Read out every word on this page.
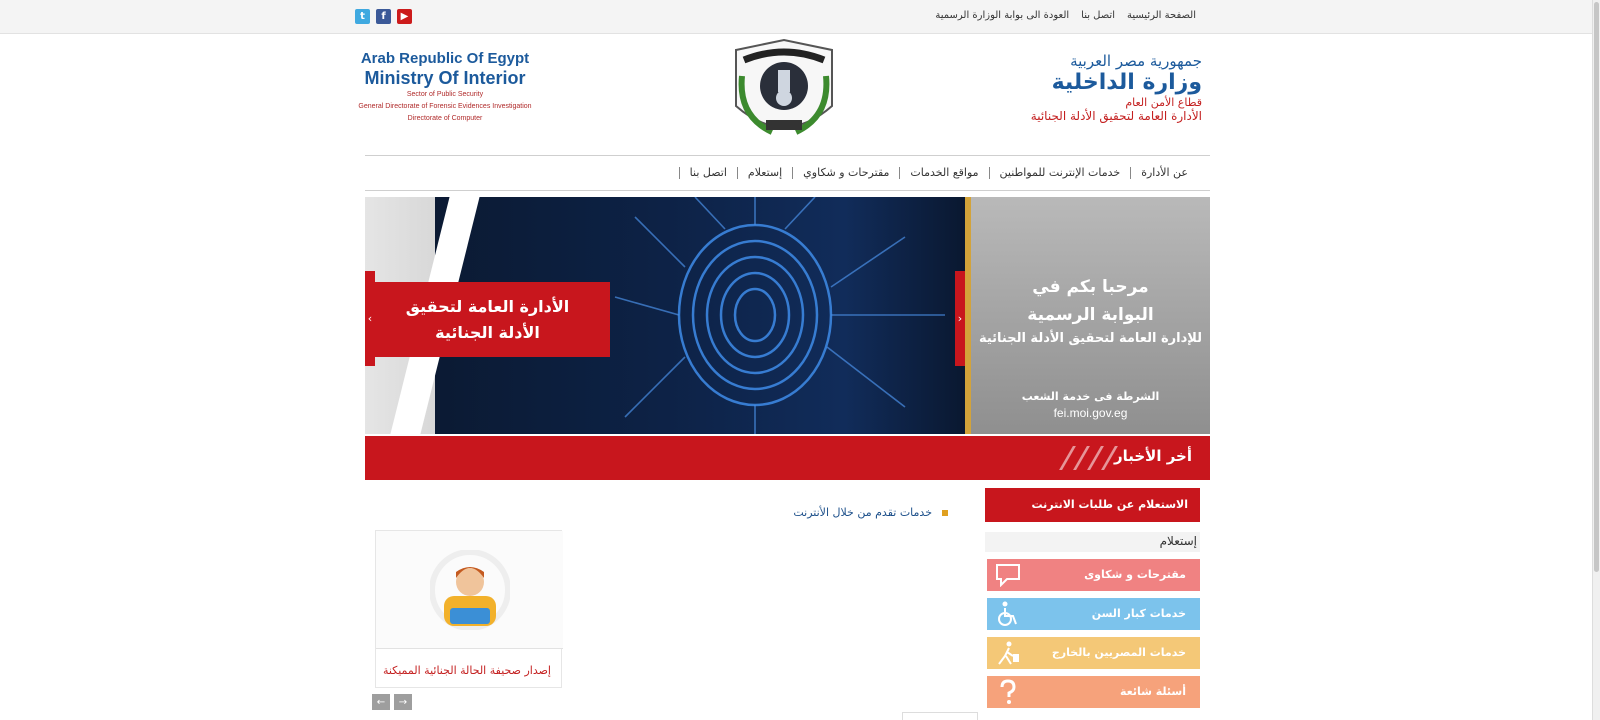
الصفحة الرئيسية
اتصل بنا
العودة الى بوابة الوزارة الرسمية
t	f	▶
Arab Republic Of Egypt
Ministry Of Interior
Sector of Public Security
General Directorate of Forensic Evidences Investigation
Directorate of Computer
جمهورية مصر العربية
وزارة الداخلية
قطاع الأمن العام
الأدارة العامة لتحقيق الأدلة الجنائية
عن الأدارة
خدمات الإنترنت للمواطنين
مواقع الخدمات
مقترحات و شكاوي
إستعلام
اتصل بنا
الأدارة العامة لتحقيق
الأدلة الجنائية
‹	›
مرحبا بكم في
البوابة الرسمية
للإدارة العامة لتحقيق الأدلة الجنائية
الشرطة فى خدمة الشعب
fei.moi.gov.eg
أخر الأخبار
إصدار صحيفة الحالة الجنائية المميكنة
←	→
خدمات تقدم من خلال الأنترنت
الاستعلام عن طلبات الانترنت
إستعلام
مقترحات و شكاوى
خدمات كبار السن
خدمات المصريين بالخارج
أسئلة شائعة
